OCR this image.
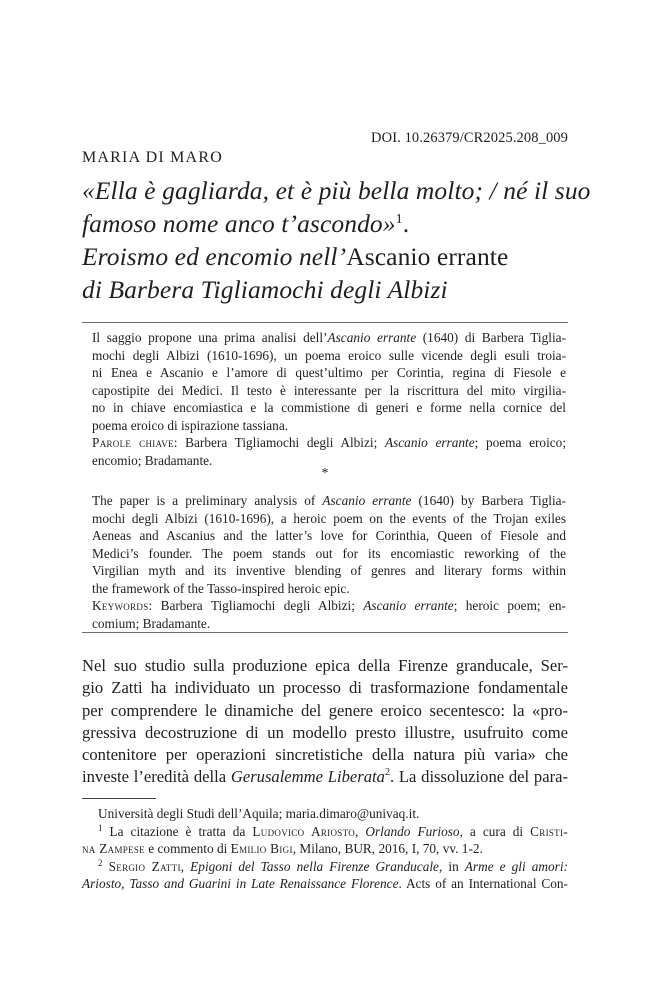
DOI. 10.26379/CR2025.208_009
MARIA DI MARO
«Ella è gagliarda, et è più bella molto; / né il suo
famoso nome anco t’ascondo»$^1$.
Eroismo ed encomio nell’Ascanio errante
di Barbera Tigliamochi degli Albizi
Il saggio propone una prima analisi dell’Ascanio errante (1640) di Barbera Tiglia-
mochi degli Albizi (1610-1696), un poema eroico sulle vicende degli esuli troia-
ni Enea e Ascanio e l’amore di quest’ultimo per Corintia, regina di Fiesole e
capostipite dei Medici. Il testo è interessante per la riscrittura del mito virgilia-
no in chiave encomiastica e la commistione di generi e forme nella cornice del
poema eroico di ispirazione tassiana.
Parole chiave: Barbera Tigliamochi degli Albizi; Ascanio errante; poema eroico;
encomio; Bradamante.
*
The paper is a preliminary analysis of Ascanio errante (1640) by Barbera Tiglia-
mochi degli Albizi (1610-1696), a heroic poem on the events of the Trojan exiles
Aeneas and Ascanius and the latter’s love for Corinthia, Queen of Fiesole and
Medici’s founder. The poem stands out for its encomiastic reworking of the
Virgilian myth and its inventive blending of genres and literary forms within
the framework of the Tasso-inspired heroic epic.
Keywords: Barbera Tigliamochi degli Albizi; Ascanio errante; heroic poem; en-
comium; Bradamante.
Nel suo studio sulla produzione epica della Firenze granducale, Ser-
gio Zatti ha individuato un processo di trasformazione fondamentale
per comprendere le dinamiche del genere eroico secentesco: la «pro-
gressiva decostruzione di un modello presto illustre, usufruito come
contenitore per operazioni sincretistiche della natura più varia» che
investe l’eredità della Gerusalemme Liberata$^2$. La dissoluzione del para-

Università degli Studi dell’Aquila; maria.dimaro@univaq.it.

$^1$ La citazione è tratta da Ludovico Ariosto, Orlando Furioso, a cura di Cristi-

na Zampese e commento di Emilio Bigi, Milano, BUR, 2016, I, 70, vv. 1-2.

$^2$ Sergio Zatti, Epigoni del Tasso nella Firenze Granducale, in Arme e gli amori:

Ariosto, Tasso and Guarini in Late Renaissance Florence. Acts of an International Con-
